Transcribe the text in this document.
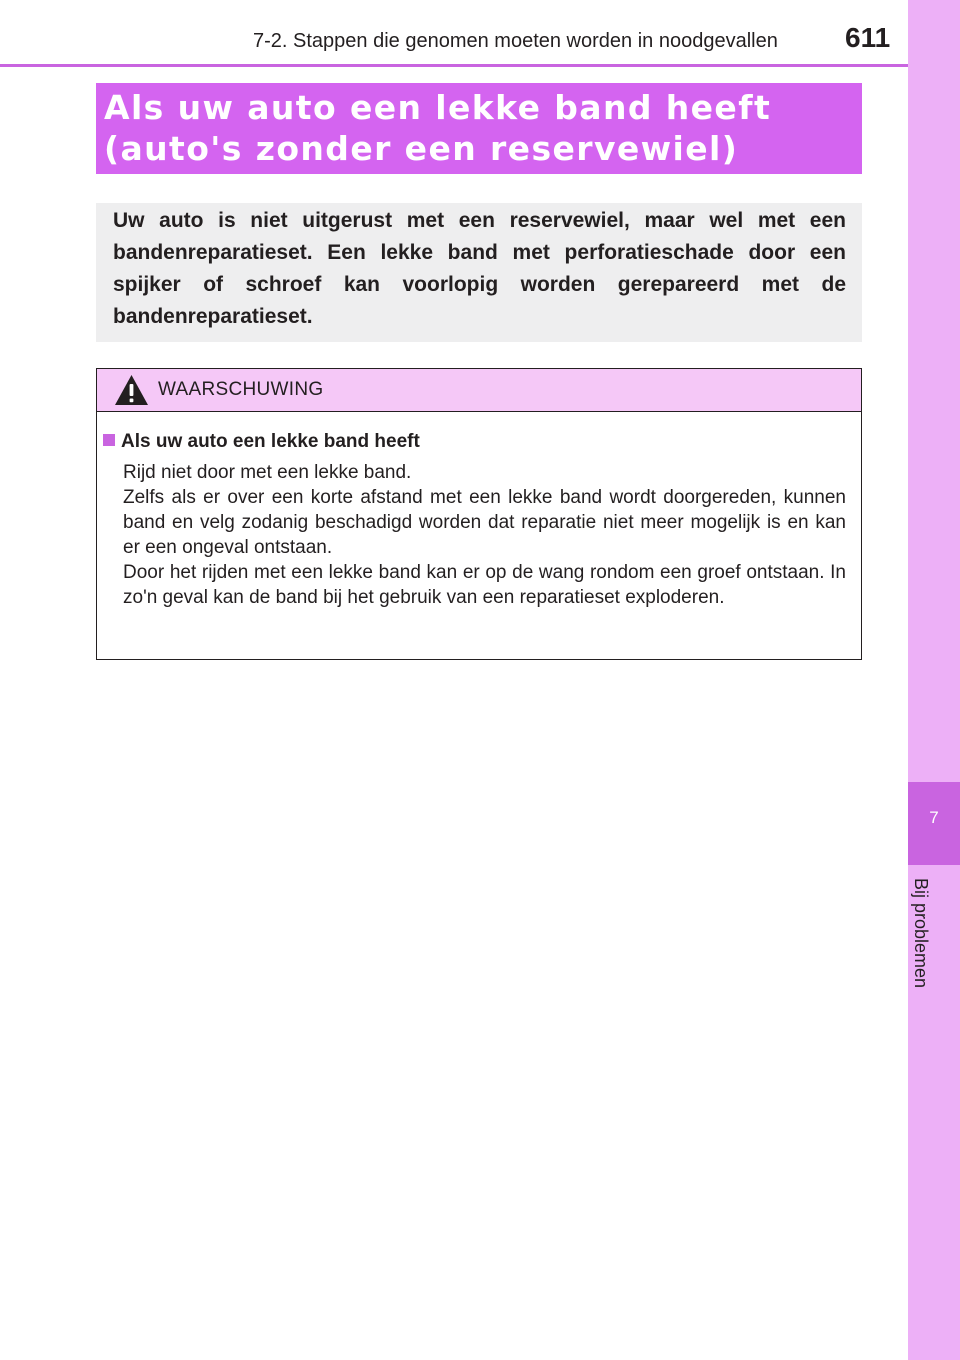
7-2. Stappen die genomen moeten worden in noodgevallen 611
7
Bij problemen
Als uw auto een lekke band heeft
(auto's zonder een reservewiel)

Uw auto is niet uitgerust met een reservewiel, maar wel met een bandenreparatieset. Een lekke band met perforatieschade door een spijker of schroef kan voorlopig worden gerepareerd met de bandenreparatieset.

WAARSCHUWING
Als uw auto een lekke band heeft

Rijd niet door met een lekke band.

Zelfs als er over een korte afstand met een lekke band wordt doorgereden, kunnen band en velg zodanig beschadigd worden dat reparatie niet meer mogelijk is en kan er een ongeval ontstaan.

Door het rijden met een lekke band kan er op de wang rondom een groef ontstaan. In zo'n geval kan de band bij het gebruik van een reparatieset exploderen.
